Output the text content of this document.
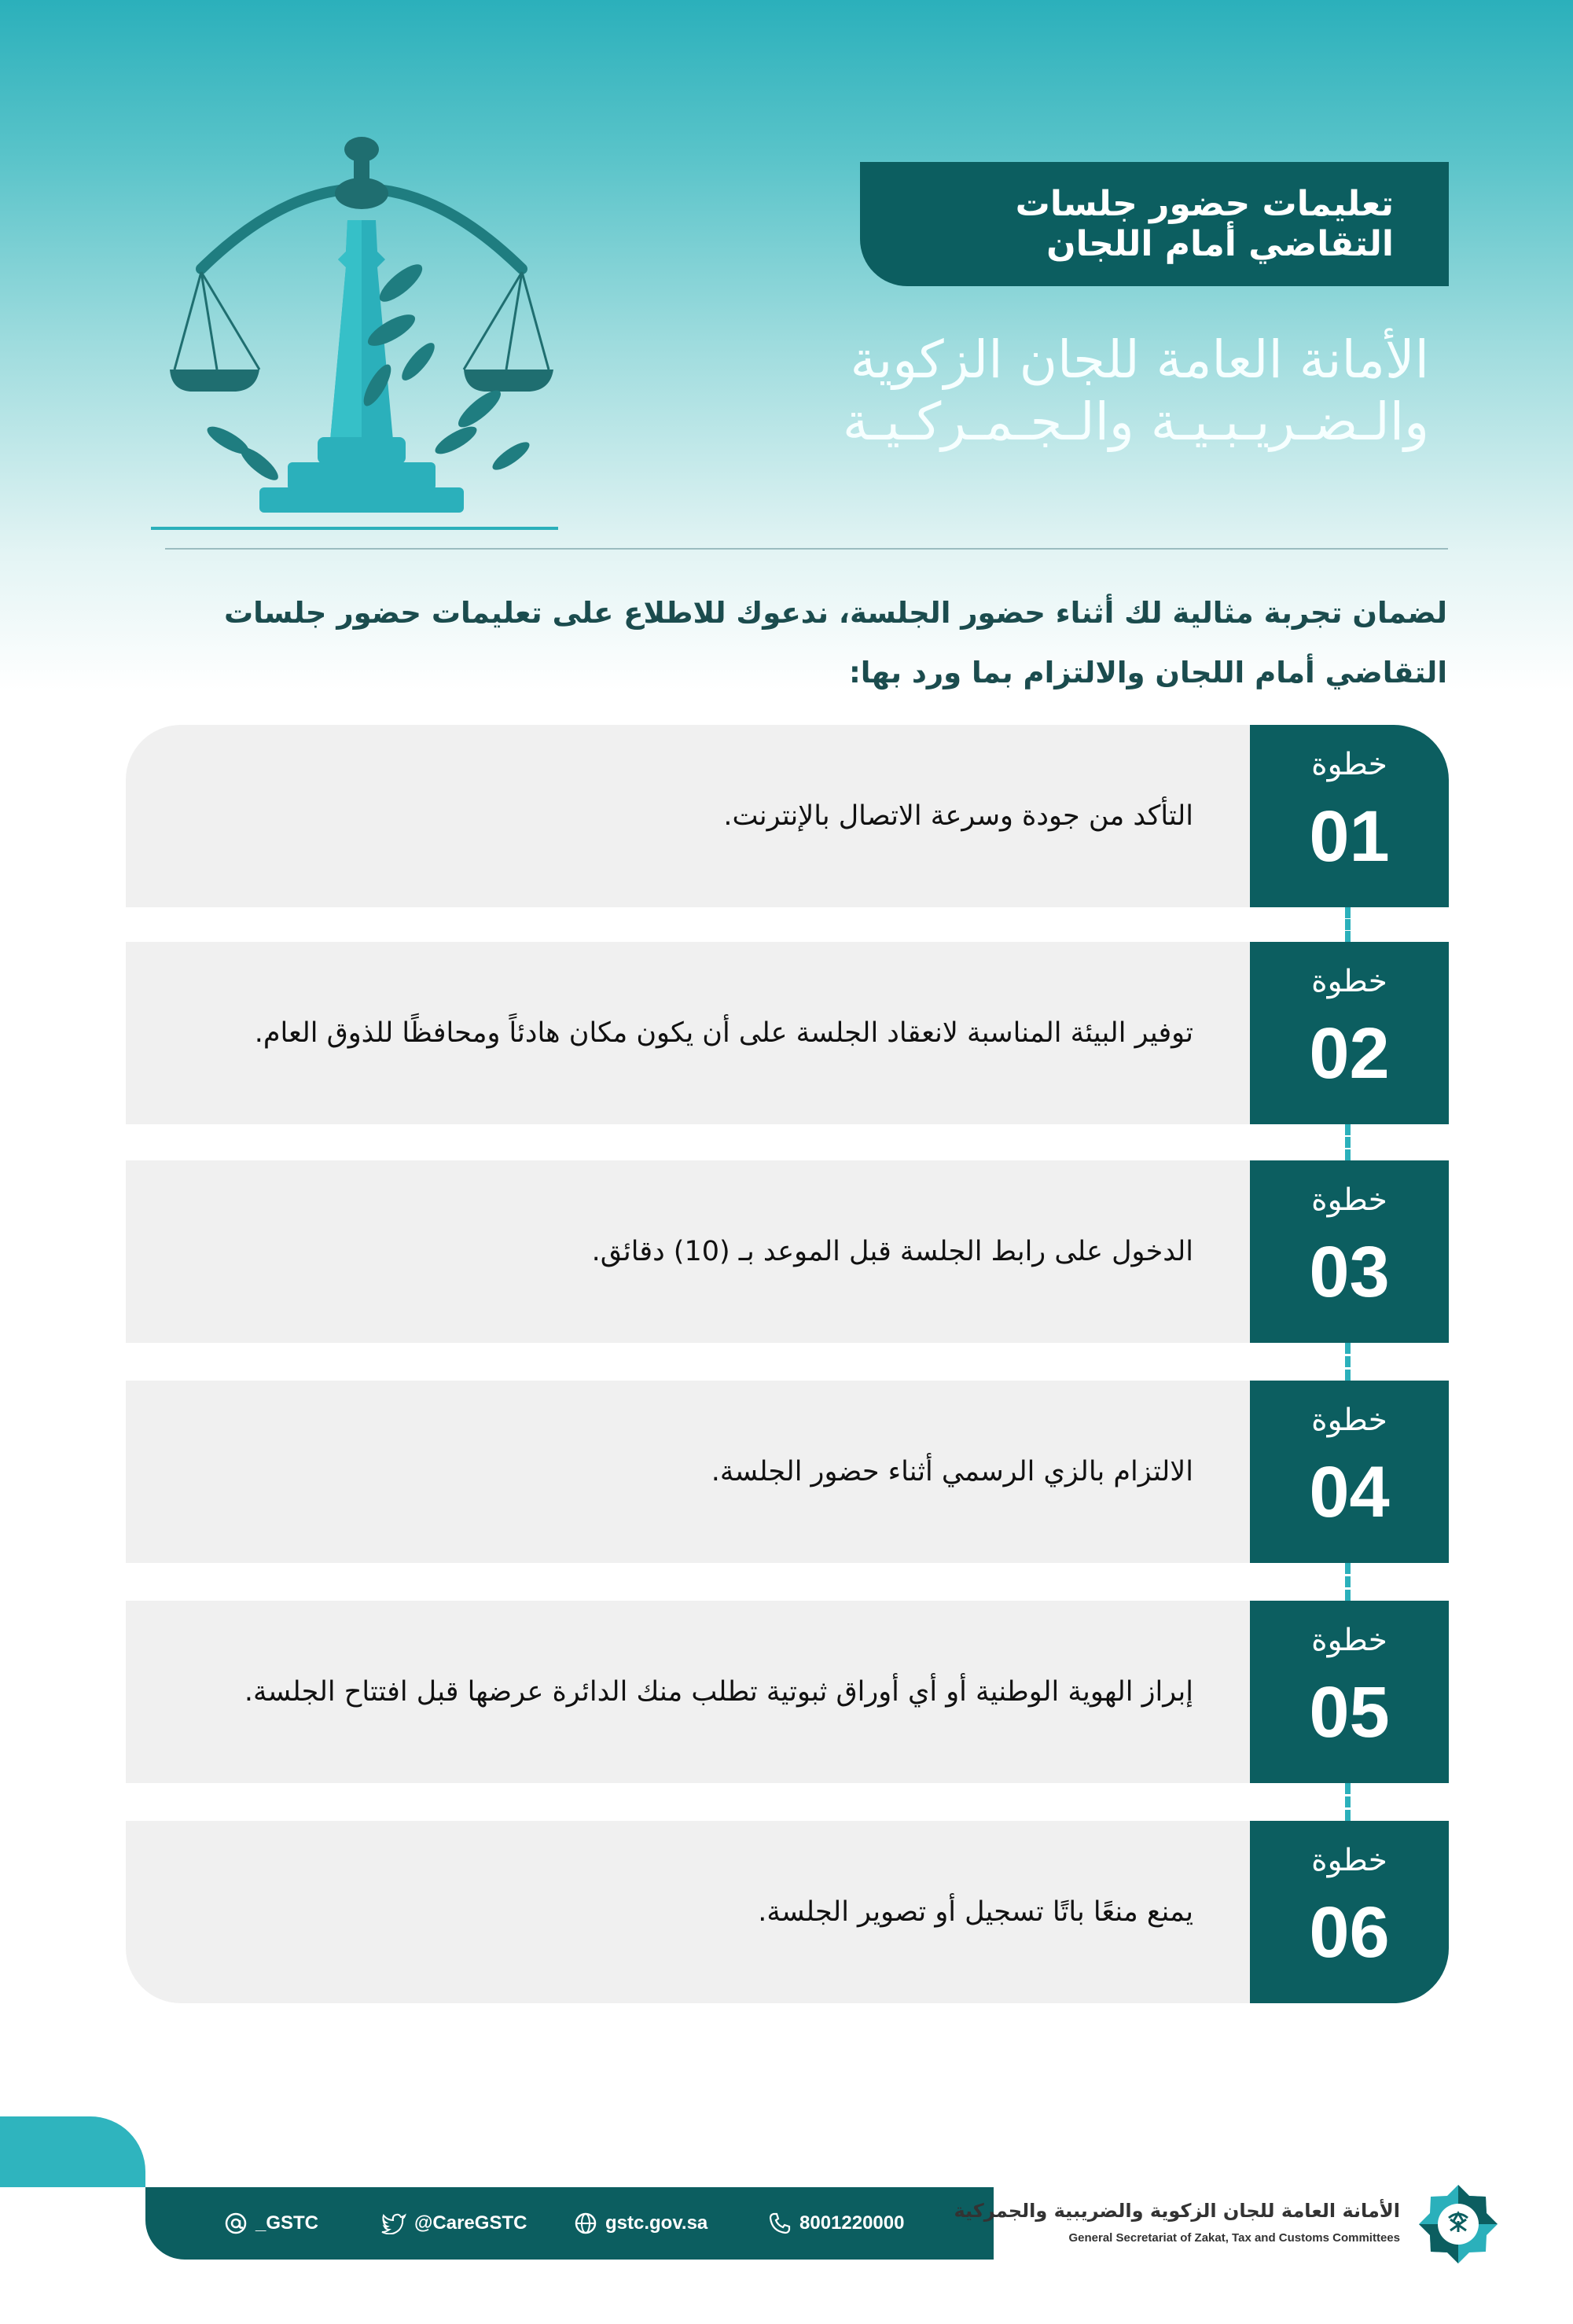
تعليمات حضور جلسات التقاضي أمام اللجان
الأمانة العامة للجان الزكوية
والـضـريـبـيـة والـجـمـركـيـة
لضمان تجربة مثالية لك أثناء حضور الجلسة، ندعوك للاطلاع على تعليمات حضور جلسات التقاضي أمام اللجان والالتزام بما ورد بها:
التأكد من جودة وسرعة الاتصال بالإنترنت.
خطوة
01
توفير البيئة المناسبة لانعقاد الجلسة على أن يكون مكان هادئاً ومحافظًا للذوق العام.
خطوة
02
الدخول على رابط الجلسة قبل الموعد بـ (10) دقائق.
خطوة
03
الالتزام بالزي الرسمي أثناء حضور الجلسة.
خطوة
04
إبراز الهوية الوطنية أو أي أوراق ثبوتية تطلب منك الدائرة عرضها قبل افتتاح الجلسة.
خطوة
05
يمنع منعًا باتًا تسجيل أو تصوير الجلسة.
خطوة
06
_GSTC	@CareGSTC	gstc.gov.sa	8001220000
الأمانة العامة للجان الزكوية والضريبية والجمركية
General Secretariat of Zakat, Tax and Customs Committees
